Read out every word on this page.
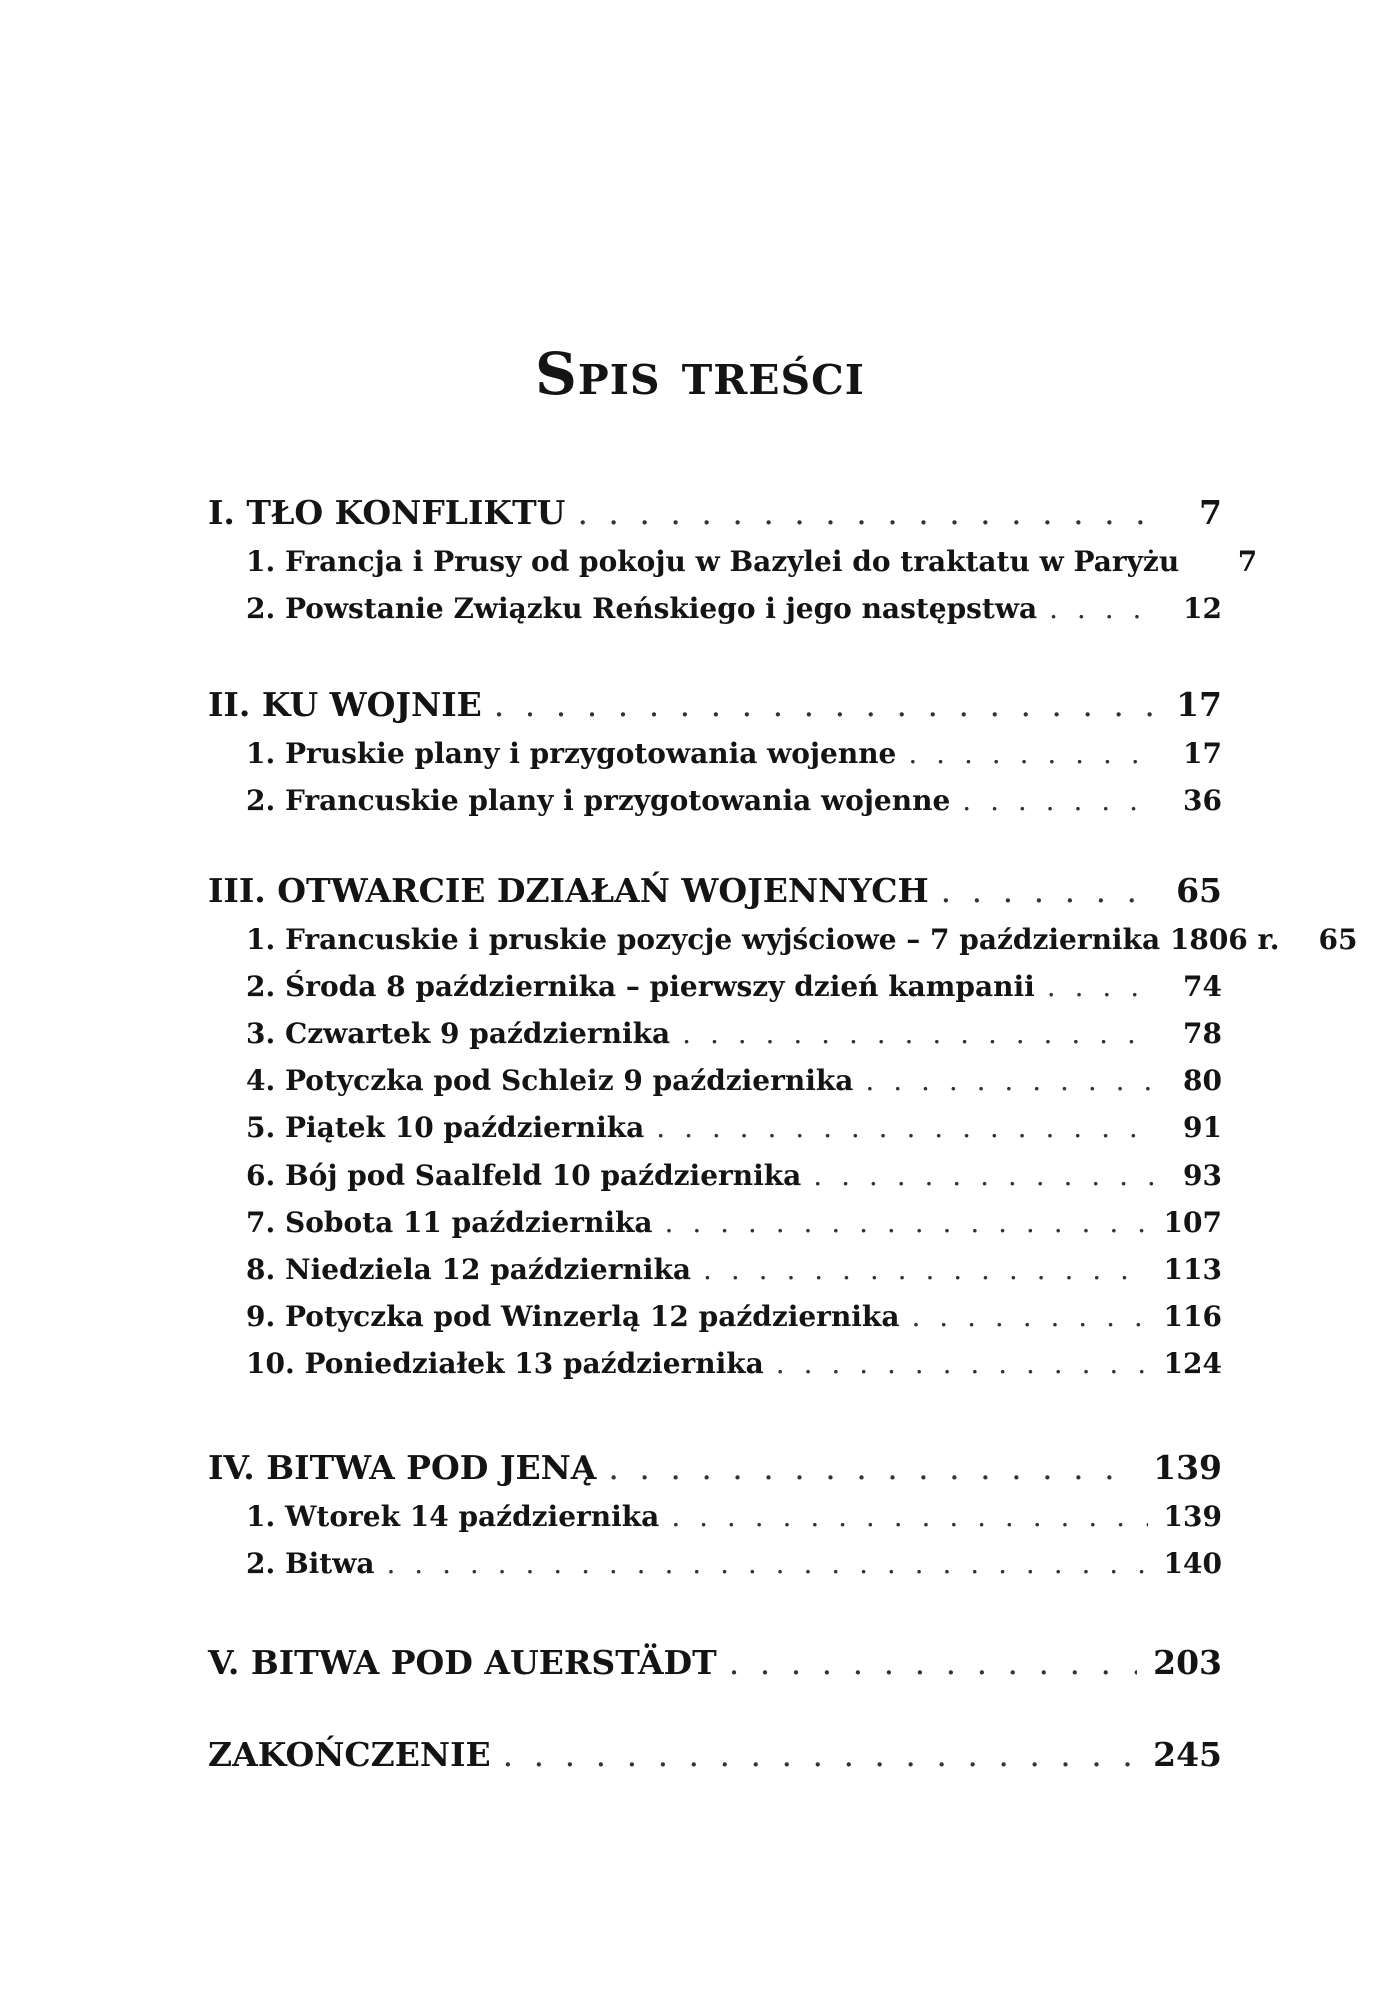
Spis treści
I. TŁO KONFLIKTU . . .	7
1. Francja i Prusy od pokoju w Bazylei do traktatu w Paryżu	7
2. Powstanie Związku Reńskiego i jego następstwa . . .	12
II. KU WOJNIE . . .	17
1. Pruskie plany i przygotowania wojenne . . .	17
2. Francuskie plany i przygotowania wojenne . . .	36
III. OTWARCIE DZIAŁAŃ WOJENNYCH . . .	65
1. Francuskie i pruskie pozycje wyjściowe – 7 października 1806 r.	65
2. Środa 8 października – pierwszy dzień kampanii . . .	74
3. Czwartek 9 października . . .	78
4. Potyczka pod Schleiz 9 października . . .	80
5. Piątek 10 października . . .	91
6. Bój pod Saalfeld 10 października . . .	93
7. Sobota 11 października . . .	107
8. Niedziela 12 października . . .	113
9. Potyczka pod Winzerlą 12 października . . .	116
10. Poniedziałek 13 października . . .	124
IV. BITWA POD JENĄ . . .	139
1. Wtorek 14 października . . .	139
2. Bitwa . . .	140
V. BITWA POD AUERSTÄDT . . .	203
ZAKOŃCZENIE . . .	245
